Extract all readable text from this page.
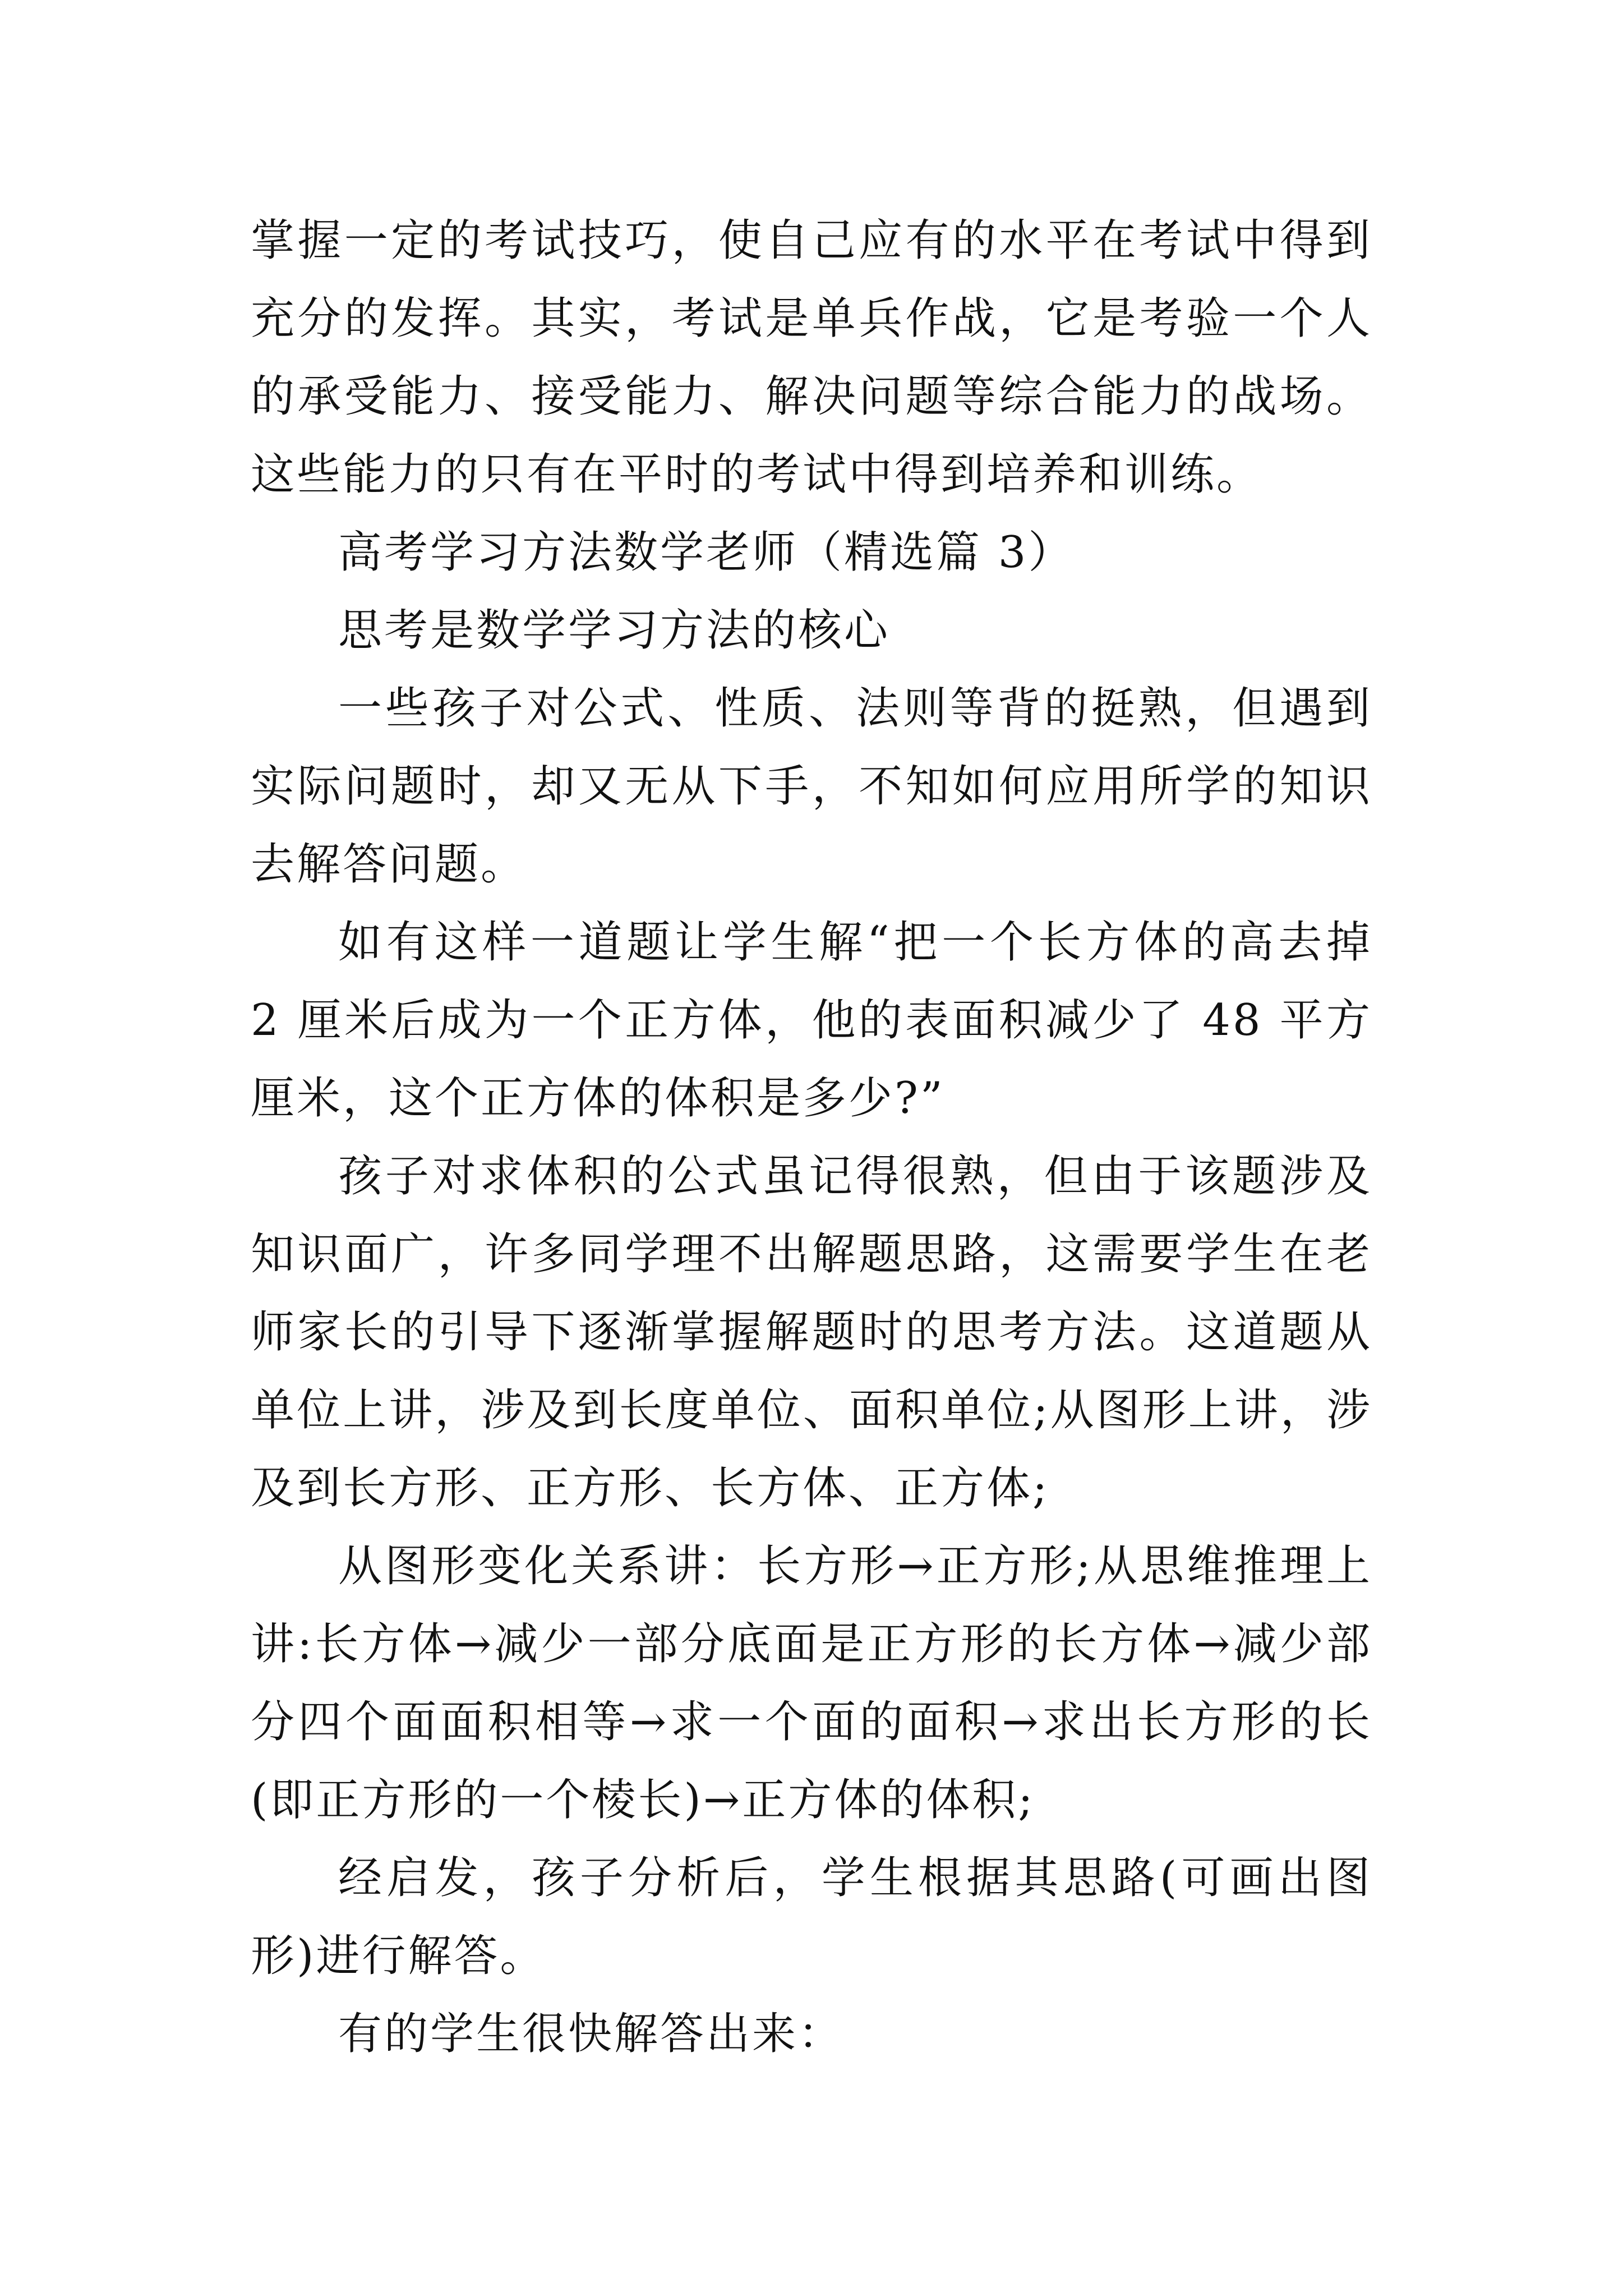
掌握一定的考试技巧，使自己应有的水平在考试中得到充分的发挥。其实，考试是单兵作战，它是考验一个人的承受能力、接受能力、解决问题等综合能力的战场。这些能力的只有在平时的考试中得到培养和训练。

高考学习方法数学老师（精选篇 3）

思考是数学学习方法的核心

一些孩子对公式、性质、法则等背的挺熟，但遇到实际问题时，却又无从下手，不知如何应用所学的知识去解答问题。

如有这样一道题让学生解“把一个长方体的高去掉 2 厘米后成为一个正方体，他的表面积减少了 48 平方厘米，这个正方体的体积是多少?”

孩子对求体积的公式虽记得很熟，但由于该题涉及知识面广，许多同学理不出解题思路，这需要学生在老师家长的引导下逐渐掌握解题时的思考方法。这道题从单位上讲，涉及到长度单位、面积单位;从图形上讲，涉及到长方形、正方形、长方体、正方体;

从图形变化关系讲：长方形→正方形;从思维推理上讲:长方体→减少一部分底面是正方形的长方体→减少部分四个面面积相等→求一个面的面积→求出长方形的长(即正方形的一个棱长)→正方体的体积;

经启发，孩子分析后，学生根据其思路(可画出图形)进行解答。

有的学生很快解答出来：
